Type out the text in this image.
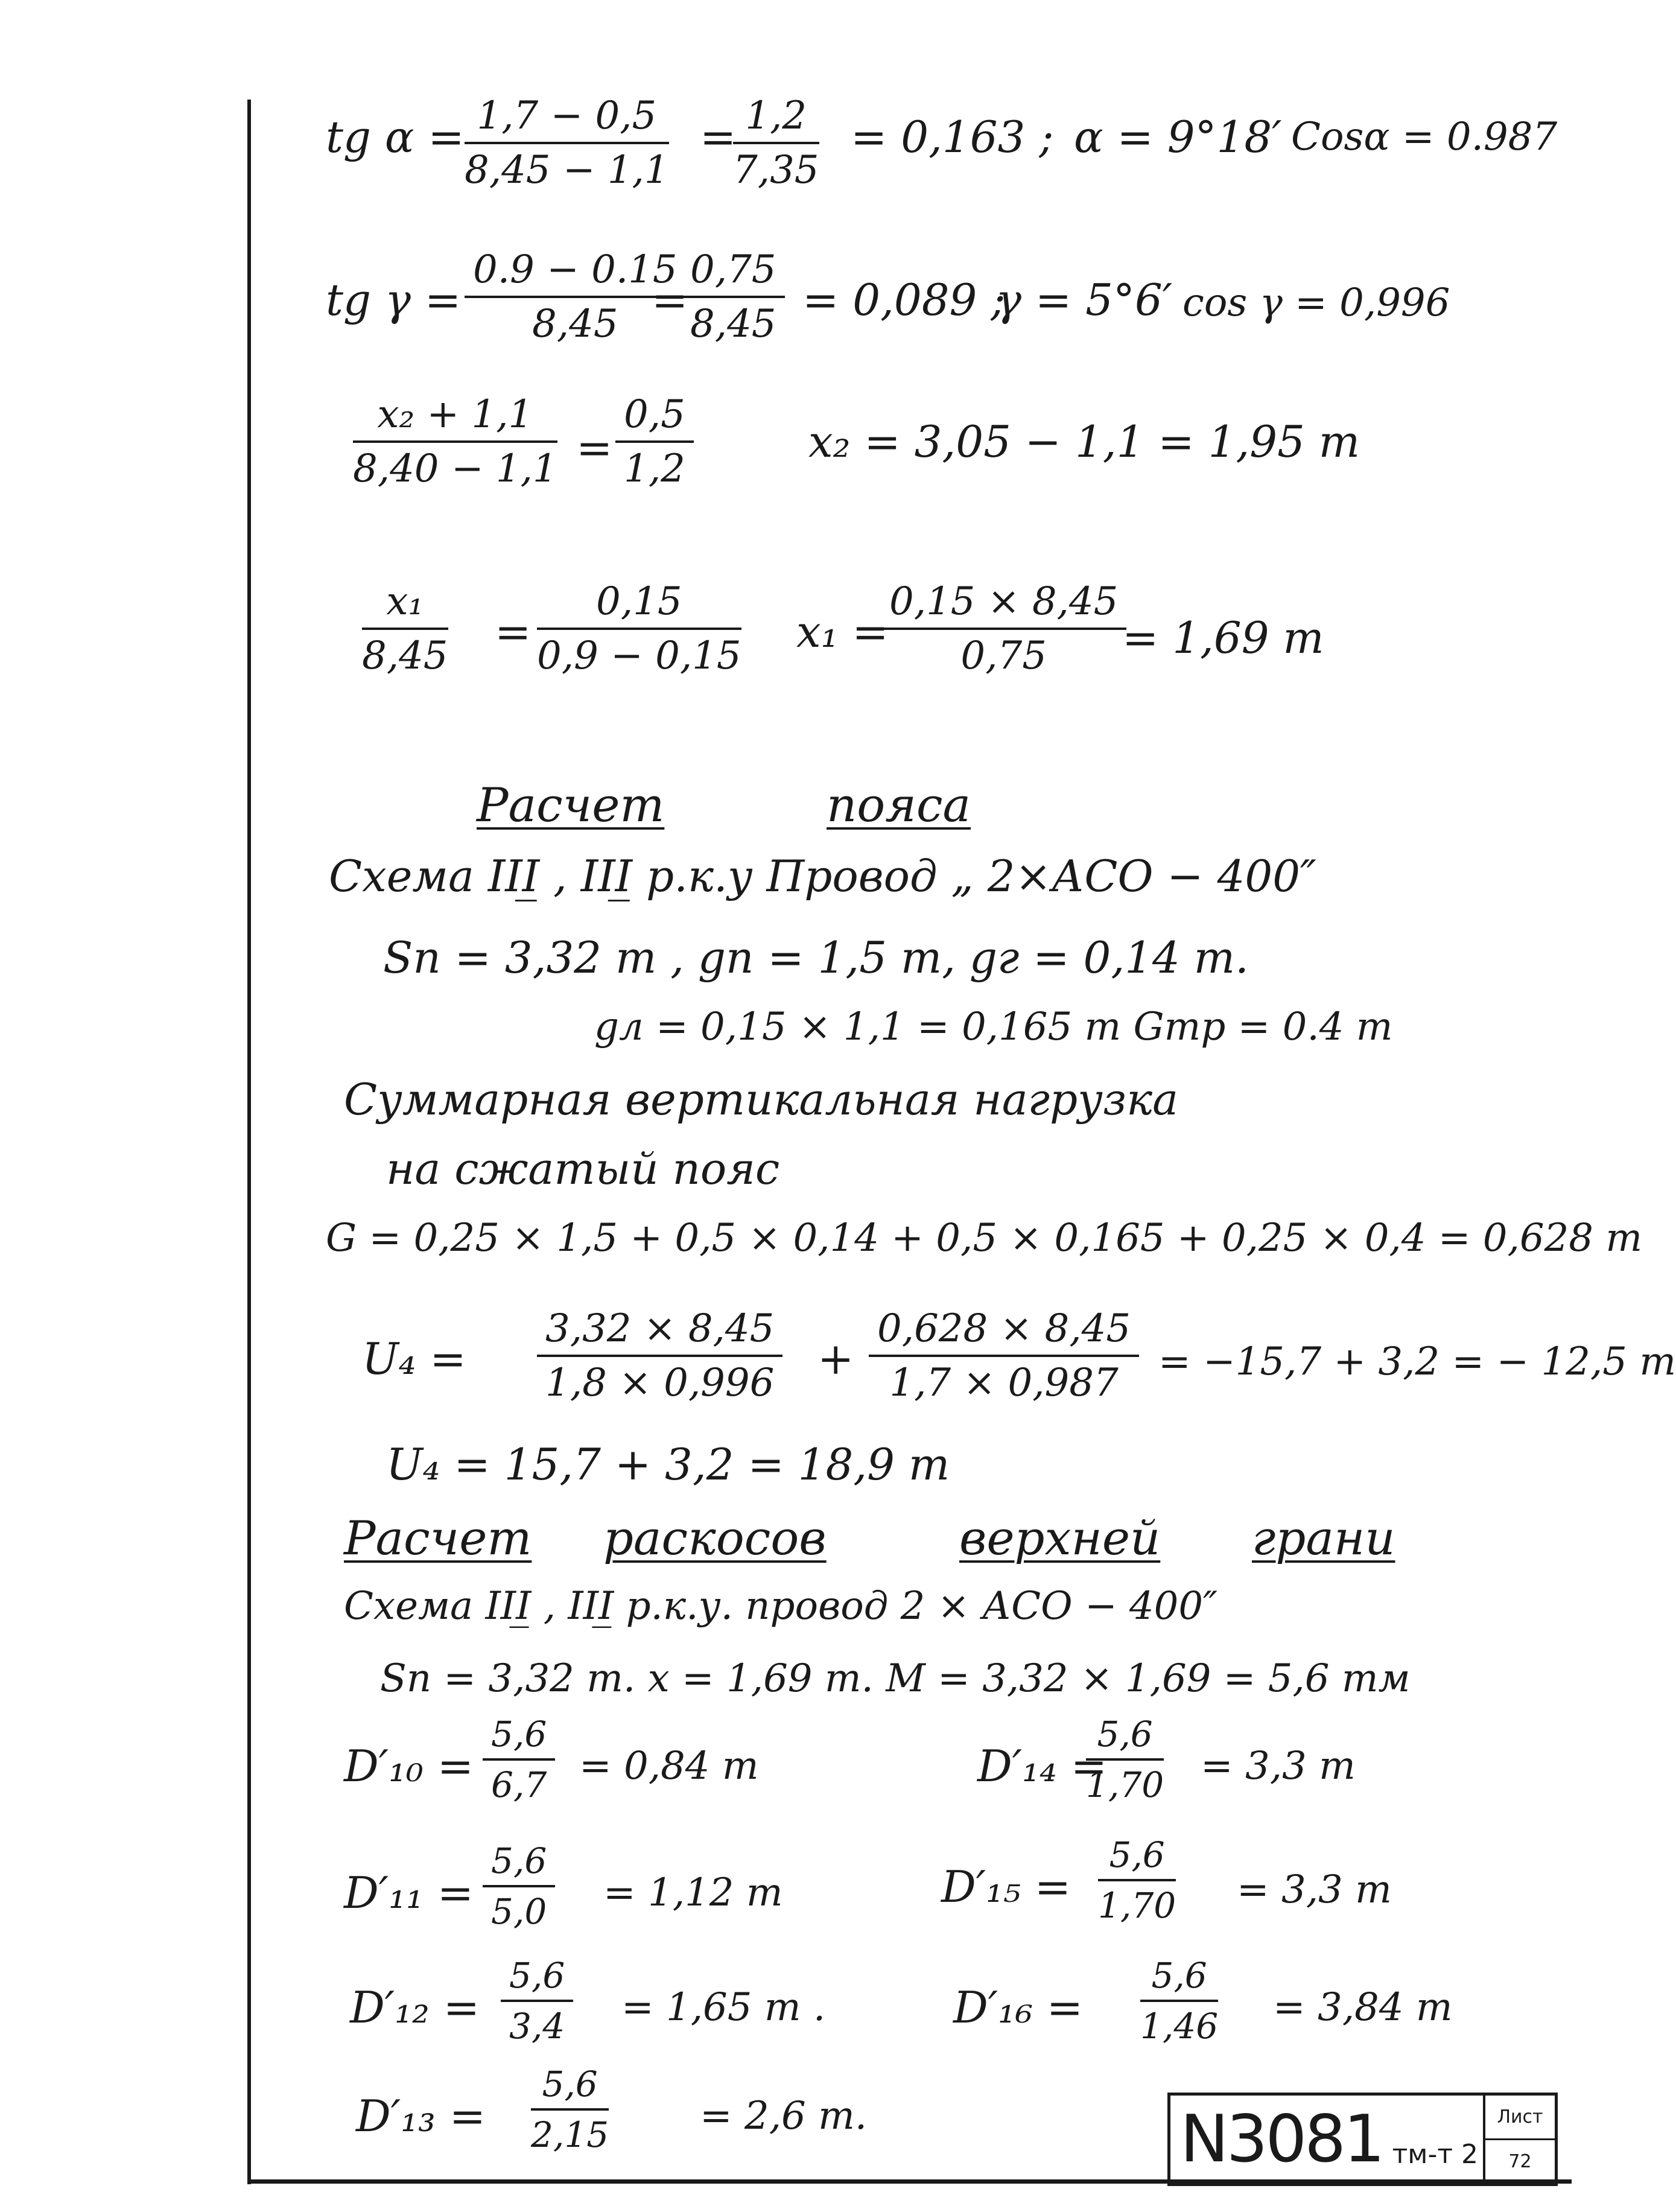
tg $\alpha = \frac{1,7 - 0,5}{8,45 - 1,1}$ =
$\frac{1,2}{7,35} = 0,163$ ; α = 9°18′ Cosα = 0.987
tg $\gamma = \frac{0.9 - 0.15}{8,45}$
=
$\frac{0,75}{8,45} = 0,089$ ;
γ = 5°6′ cos γ = 0,996
$\frac{\text{x₂ + 1,1}}{8,40 - 1,1} = \frac{0,5}{1,2}$	x₂ = 3,05 − 1,1 = 1,95 m
$\frac{\text{x₁}}{8,45} = \frac{0,15}{0,9 - 0,15} x_1$ =
$\frac{0,15 \times 8,45}{0,75}$
= 1,69 m
Расчет	пояса
Схема III̲ , III̲ р.к.у Провод „ 2×АСО − 400″
Sп = 3,32 т , gп = 1,5 т, gг = 0,14 т.
gл = 0,15 × 1,1 = 0,165 т Gтр = 0.4 т
Суммарная вертикальная нагрузка
на сжатый пояс
G = 0,25 × 1,5 + 0,5 × 0,14 + 0,5 × 0,165 + 0,25 × 0,4 = 0,628 т
$U_4 = \frac{3,32 \times 8,45}{1,8 \times 0,996} + \frac{0,628 \times 8,45}{1,7 \times 0,987} = -15,7 + 3,2$ = − 12,5 т
U₄ = 15,7 + 3,2 = 18,9 т
Расчет раскосов	верхней грани
Схема III̲ , III̲ р.к.у. провод 2 × АСО − 400″
Sп = 3,32 т. x = 1,69 т. M = 3,32 × 1,69 = 5,6 тм
$D'_{10} = \frac{5,6}{6,7} = 0,84$ т
$D'_{11} = \frac{5,6}{5,0} = 1,12$ т
$D'_{12} = \frac{5,6}{3,4} = 1,65$ т .
$D'_{13} = \frac{5,6}{2,15} = 2,6$ т.
D′₁₄ =
$\frac{5,6}{1,70} = 3,3$ т
$D'_{15} = \frac{5,6}{1,70} = 3,3$ т
$D'_{16} = \frac{5,6}{1,46} = 3,84$ т
N3081 тм-т 2
Лист
72
